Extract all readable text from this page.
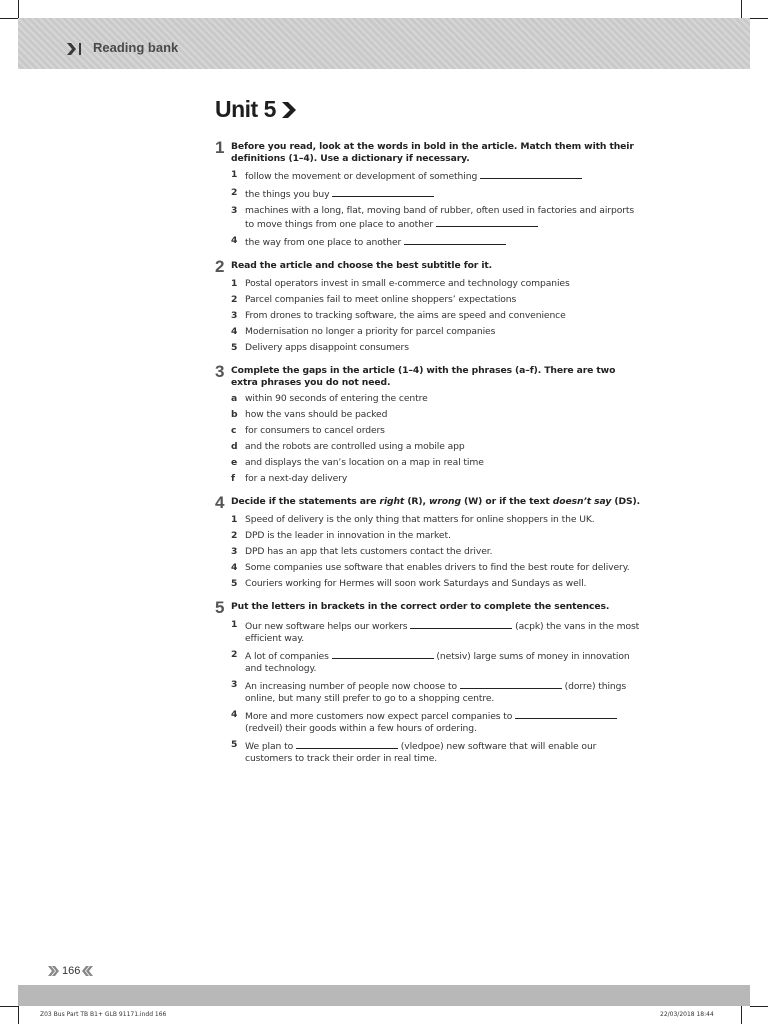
Reading bank
Unit 5
1 Before you read, look at the words in bold in the article. Match them with their definitions (1–4). Use a dictionary if necessary.
1 follow the movement or development of something
2 the things you buy
3 machines with a long, flat, moving band of rubber, often used in factories and airports to move things from one place to another
4 the way from one place to another
2 Read the article and choose the best subtitle for it.
1 Postal operators invest in small e-commerce and technology companies
2 Parcel companies fail to meet online shoppers’ expectations
3 From drones to tracking software, the aims are speed and convenience
4 Modernisation no longer a priority for parcel companies
5 Delivery apps disappoint consumers
3 Complete the gaps in the article (1–4) with the phrases (a–f). There are two extra phrases you do not need.
a within 90 seconds of entering the centre
b how the vans should be packed
c for consumers to cancel orders
d and the robots are controlled using a mobile app
e and displays the van’s location on a map in real time
f	for a next-day delivery
4 Decide if the statements are right (R), wrong (W) or if the text doesn’t say (DS).
1 Speed of delivery is the only thing that matters for online shoppers in the UK.
2 DPD is the leader in innovation in the market.
3 DPD has an app that lets customers contact the driver.
4 Some companies use software that enables drivers to find the best route for delivery.
5 Couriers working for Hermes will soon work Saturdays and Sundays as well.
5 Put the letters in brackets in the correct order to complete the sentences.
1 Our new software helps our workers	(acpk) the vans in the most efficient way.
2 A lot of companies	(netsiv) large sums of money in innovation and technology.
3 An increasing number of people now choose to	(dorre) things online, but many still prefer to go to a shopping centre.
4 More and more customers now expect parcel companies to  (redveil) their goods within a few hours of ordering.
5 We plan to	(vledpoe) new software that will enable our customers to track their order in real time.
166
Z03 Bus Part TB B1+ GLB 91171.indd 166	22/03/2018 18:44
